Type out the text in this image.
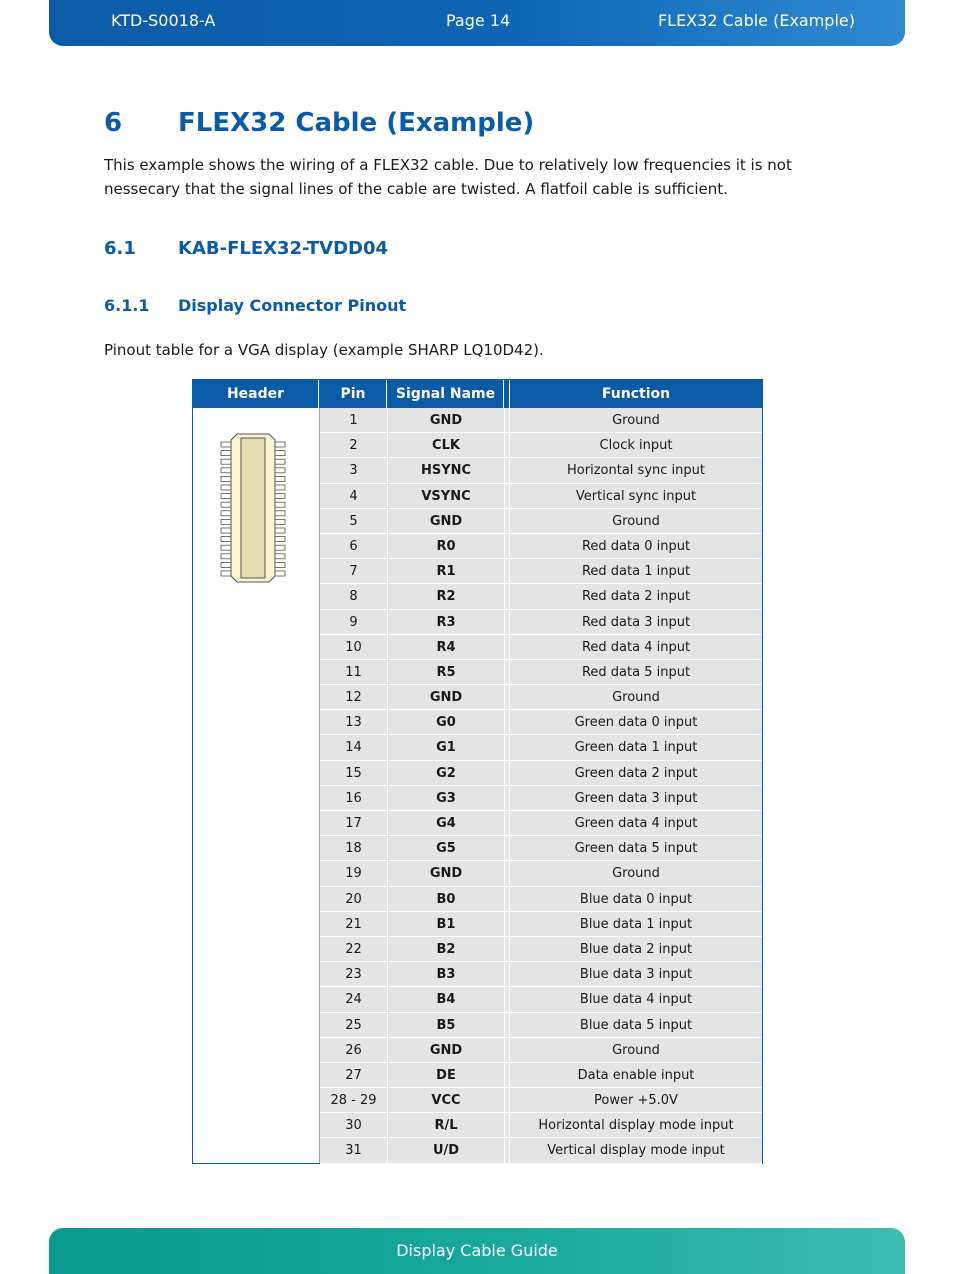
KTD-S0018-A	Page 14	FLEX32 Cable (Example)
6 FLEX32 Cable (Example)

This example shows the wiring of a FLEX32 cable. Due to relatively low frequencies it is not nessecary that the signal lines of the cable are twisted. A flatfoil cable is sufficient.

6.1 KAB-FLEX32-TVDD04
6.1.1 Display Connector Pinout

Pinout table for a VGA display (example SHARP LQ10D42).

Header	Pin	Signal Name	Function
1	GND	Ground
2	CLK	Clock input
3	HSYNC	Horizontal sync input
4	VSYNC	Vertical sync input
5	GND	Ground
6	R0	Red data 0 input
7	R1	Red data 1 input
8	R2	Red data 2 input
9	R3	Red data 3 input
10	R4	Red data 4 input
11	R5	Red data 5 input
12	GND	Ground
13	G0	Green data 0 input
14	G1	Green data 1 input
15	G2	Green data 2 input
16	G3	Green data 3 input
17	G4	Green data 4 input
18	G5	Green data 5 input
19	GND	Ground
20	B0	Blue data 0 input
21	B1	Blue data 1 input
22	B2	Blue data 2 input
23	B3	Blue data 3 input
24	B4	Blue data 4 input
25	B5	Blue data 5 input
26	GND	Ground
27	DE	Data enable input
28 - 29	VCC	Power +5.0V
30	R/L	Horizontal display mode input
31	U/D	Vertical display mode input
Display Cable Guide
